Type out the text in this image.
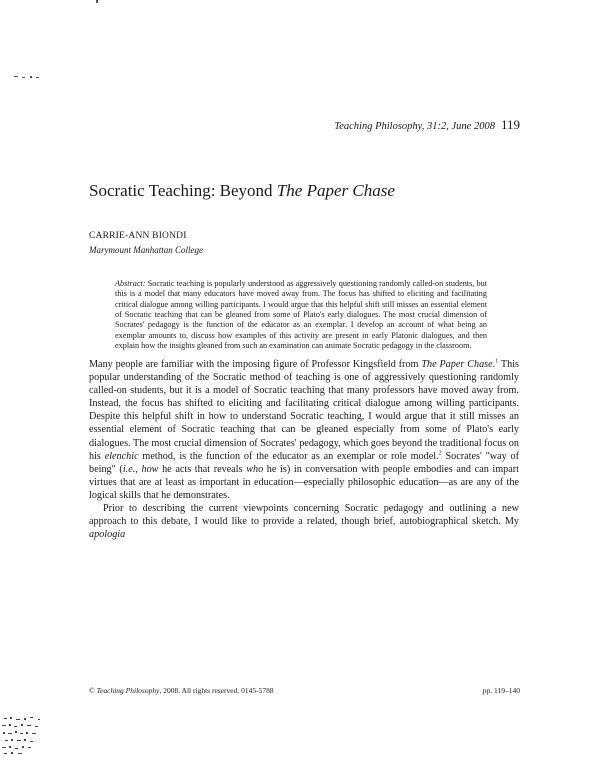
Teaching Philosophy, 31:2, June 2008 119
Socratic Teaching: Beyond The Paper Chase
CARRIE-ANN BIONDI
Marymount Manhattan College
Abstract: Socratic teaching is popularly understood as aggressively questioning randomly called-on students, but this is a model that many educators have moved away from. The focus has shifted to eliciting and facilitating critical dialogue among willing participants. I would argue that this helpful shift still misses an essential element of Socratic teaching that can be gleaned from some of Plato's early dialogues. The most crucial dimension of Socrates' pedagogy is the function of the educator as an exemplar. I develop an account of what being an exemplar amounts to, discuss how examples of this activity are present in early Platonic dialogues, and then explain how the insights gleaned from such an examination can animate Socratic pedagogy in the classroom.

Many people are familiar with the imposing figure of Professor Kingsfield from The Paper Chase.$^1$ This popular understanding of the Socratic method of teaching is one of aggressively questioning randomly called-on students, but it is a model of Socratic teaching that many professors have moved away from. Instead, the focus has shifted to eliciting and facilitating critical dialogue among willing participants. Despite this helpful shift in how to understand Socratic teaching, I would argue that it still misses an essential element of Socratic teaching that can be gleaned especially from some of Plato's early dialogues. The most crucial dimension of Socrates' pedagogy, which goes beyond the traditional focus on his elenchic method, is the function of the educator as an exemplar or role model.$^2$ Socrates' "way of being" (i.e., how he acts that reveals who he is) in conversation with people embodies and can impart virtues that are at least as important in education—especially philosophic education—as are any of the logical skills that he demonstrates.

Prior to describing the current viewpoints concerning Socratic pedagogy and outlining a new approach to this debate, I would like to provide a related, though brief, autobiographical sketch. My apologia

© Teaching Philosophy, 2008. All rights reserved. 0145-5788	pp. 119–140
